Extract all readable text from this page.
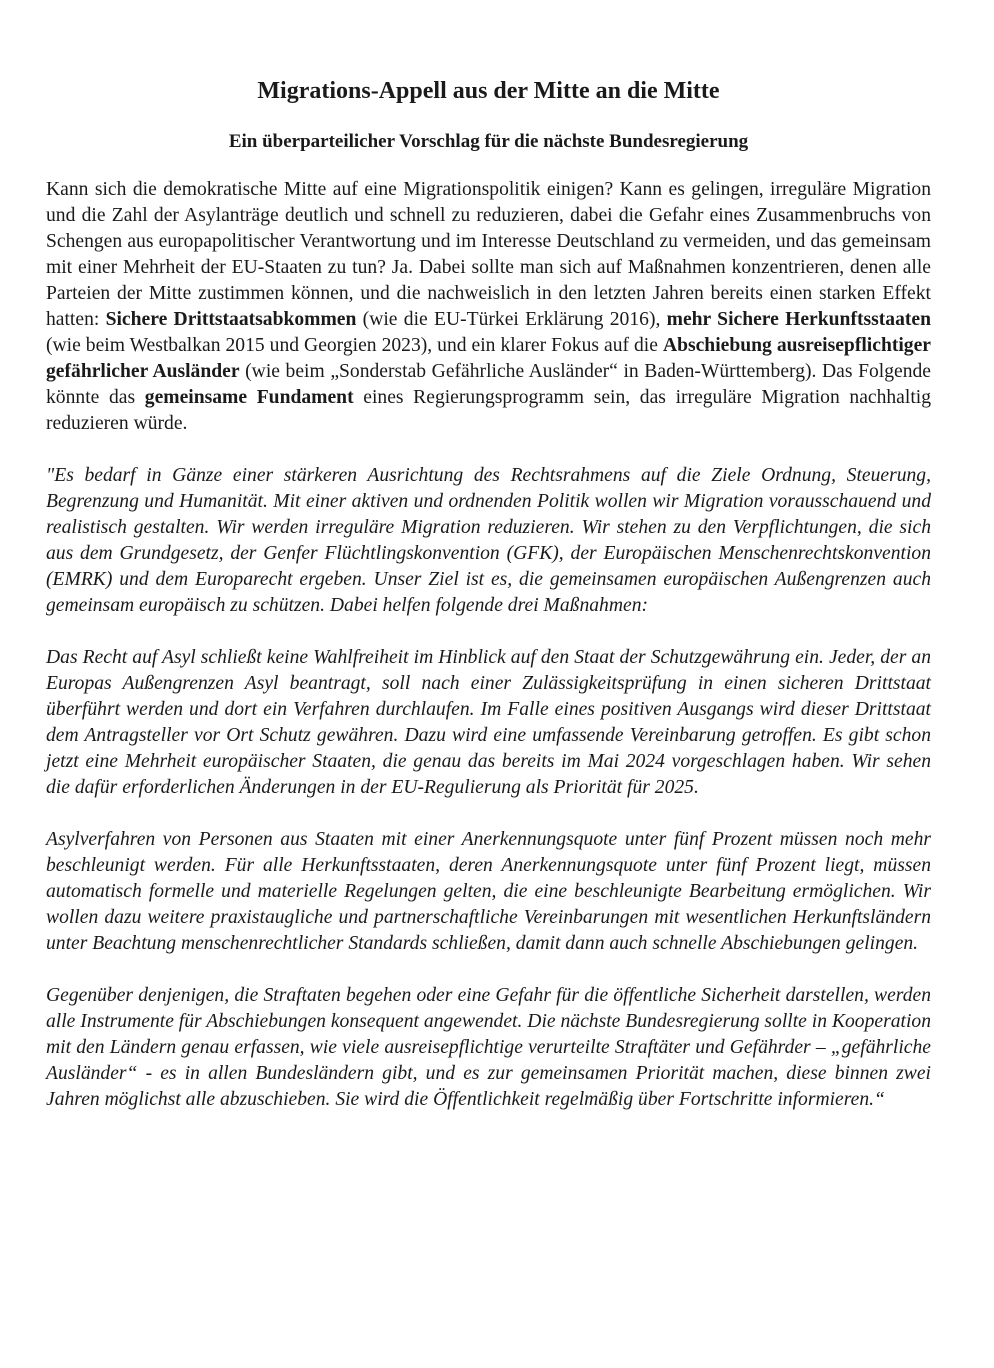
Migrations-Appell aus der Mitte an die Mitte
Ein überparteilicher Vorschlag für die nächste Bundesregierung

Kann sich die demokratische Mitte auf eine Migrationspolitik einigen? Kann es gelingen, irreguläre Migration und die Zahl der Asylanträge deutlich und schnell zu reduzieren, dabei die Gefahr eines Zusammenbruchs von Schengen aus europapolitischer Verantwortung und im Interesse Deutschland zu vermeiden, und das gemeinsam mit einer Mehrheit der EU-Staaten zu tun? Ja. Dabei sollte man sich auf Maßnahmen konzentrieren, denen alle Parteien der Mitte zustimmen können, und die nachweislich in den letzten Jahren bereits einen starken Effekt hatten: Sichere Drittstaatsabkommen (wie die EU-Türkei Erklärung 2016), mehr Sichere Herkunftsstaaten (wie beim Westbalkan 2015 und Georgien 2023), und ein klarer Fokus auf die Abschiebung ausreisepflichtiger gefährlicher Ausländer (wie beim „Sonderstab Gefährliche Ausländer“ in Baden-Württemberg). Das Folgende könnte das gemeinsame Fundament eines Regierungsprogramm sein, das irreguläre Migration nachhaltig reduzieren würde.

"Es bedarf in Gänze einer stärkeren Ausrichtung des Rechtsrahmens auf die Ziele Ordnung, Steuerung, Begrenzung und Humanität. Mit einer aktiven und ordnenden Politik wollen wir Migration vorausschauend und realistisch gestalten. Wir werden irreguläre Migration reduzieren. Wir stehen zu den Verpflichtungen, die sich aus dem Grundgesetz, der Genfer Flüchtlingskonvention (GFK), der Europäischen Menschenrechtskonvention (EMRK) und dem Europarecht ergeben. Unser Ziel ist es, die gemeinsamen europäischen Außengrenzen auch gemeinsam europäisch zu schützen. Dabei helfen folgende drei Maßnahmen:

Das Recht auf Asyl schließt keine Wahlfreiheit im Hinblick auf den Staat der Schutzgewährung ein. Jeder, der an Europas Außengrenzen Asyl beantragt, soll nach einer Zulässigkeitsprüfung in einen sicheren Drittstaat überführt werden und dort ein Verfahren durchlaufen. Im Falle eines positiven Ausgangs wird dieser Drittstaat dem Antragsteller vor Ort Schutz gewähren. Dazu wird eine umfassende Vereinbarung getroffen. Es gibt schon jetzt eine Mehrheit europäischer Staaten, die genau das bereits im Mai 2024 vorgeschlagen haben. Wir sehen die dafür erforderlichen Änderungen in der EU-Regulierung als Priorität für 2025.

Asylverfahren von Personen aus Staaten mit einer Anerkennungsquote unter fünf Prozent müssen noch mehr beschleunigt werden. Für alle Herkunftsstaaten, deren Anerkennungsquote unter fünf Prozent liegt, müssen automatisch formelle und materielle Regelungen gelten, die eine beschleunigte Bearbeitung ermöglichen. Wir wollen dazu weitere praxistaugliche und partnerschaftliche Vereinbarungen mit wesentlichen Herkunftsländern unter Beachtung menschenrechtlicher Standards schließen, damit dann auch schnelle Abschiebungen gelingen.

Gegenüber denjenigen, die Straftaten begehen oder eine Gefahr für die öffentliche Sicherheit darstellen, werden alle Instrumente für Abschiebungen konsequent angewendet. Die nächste Bundesregierung sollte in Kooperation mit den Ländern genau erfassen, wie viele ausreisepflichtige verurteilte Straftäter und Gefährder – „gefährliche Ausländer“ - es in allen Bundesländern gibt, und es zur gemeinsamen Priorität machen, diese binnen zwei Jahren möglichst alle abzuschieben. Sie wird die Öffentlichkeit regelmäßig über Fortschritte informieren.“
